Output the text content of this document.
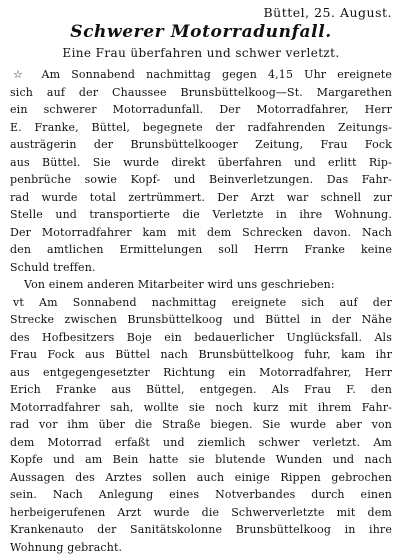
Büttel, 25. August.
Schwerer Motorradunfall.
Eine Frau überfahren und schwer verletzt.
☆ Am Sonnabend nachmittag gegen 4,15 Uhr ereignete
sich auf der Chaussee Brunsbüttelkoog—St. Margarethen
ein schwerer Motorradunfall. Der Motorradfahrer, Herr
E. Franke, Büttel, begegnete der radfahrenden Zeitungs-
austrägerin der Brunsbüttelkooger Zeitung, Frau Fock
aus Büttel. Sie wurde direkt überfahren und erlitt Rip-
penbrüche sowie Kopf- und Beinverletzungen. Das Fahr-
rad wurde total zertrümmert. Der Arzt war schnell zur
Stelle und transportierte die Verletzte in ihre Wohnung.
Der Motorradfahrer kam mit dem Schrecken davon. Nach
den amtlichen Ermittelungen soll Herrn Franke keine
Schuld treffen.
Von einem anderen Mitarbeiter wird uns geschrieben:
vt Am Sonnabend nachmittag ereignete sich auf der
Strecke zwischen Brunsbüttelkoog und Büttel in der Nähe
des Hofbesitzers Boje ein bedauerlicher Unglücksfall. Als
Frau Fock aus Büttel nach Brunsbüttelkoog fuhr, kam ihr
aus entgegengesetzter Richtung ein Motorradfahrer, Herr
Erich Franke aus Büttel, entgegen. Als Frau F. den
Motorradfahrer sah, wollte sie noch kurz mit ihrem Fahr-
rad vor ihm über die Straße biegen. Sie wurde aber von
dem Motorrad erfaßt und ziemlich schwer verletzt. Am
Kopfe und am Bein hatte sie blutende Wunden und nach
Aussagen des Arztes sollen auch einige Rippen gebrochen
sein. Nach Anlegung eines Notverbandes durch einen
herbeigerufenen Arzt wurde die Schwerverletzte mit dem
Krankenauto der Sanitätskolonne Brunsbüttelkoog in ihre
Wohnung gebracht.
